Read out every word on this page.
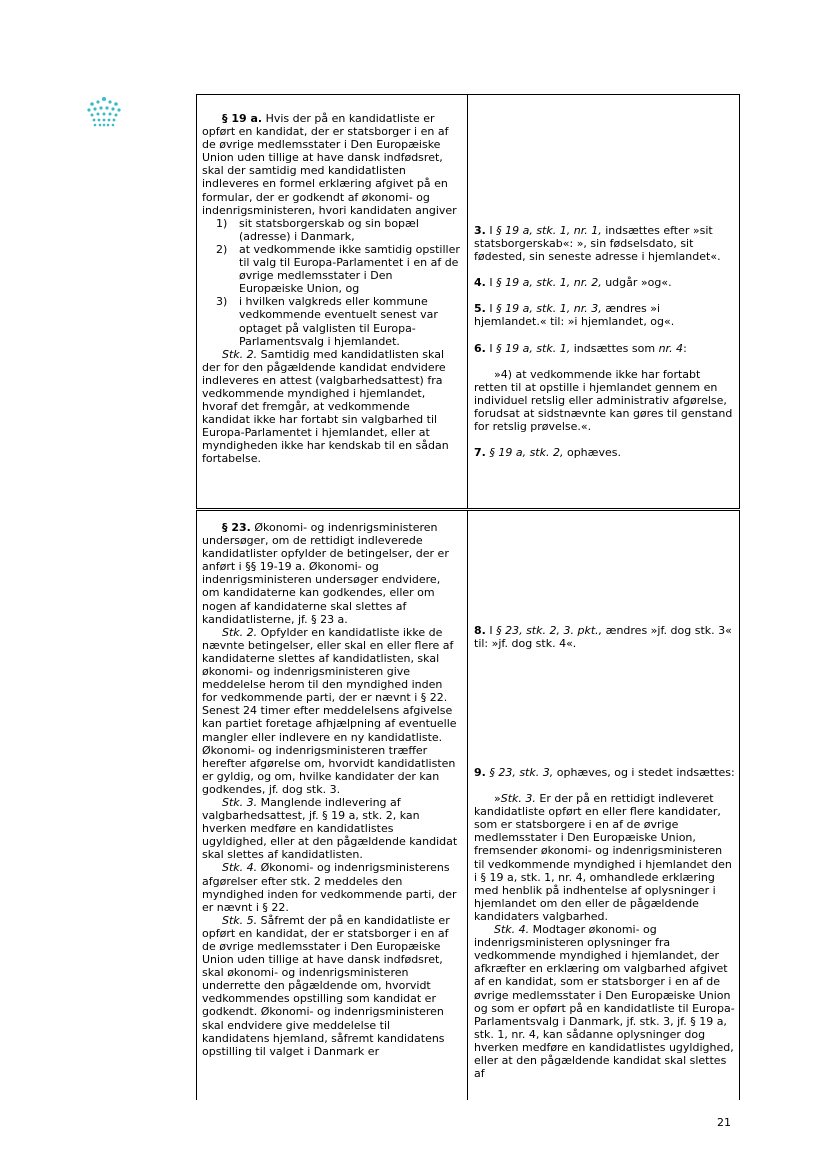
§ 19 a. Hvis der på en kandidatliste er opført en kandidat, der er statsborger i en af de øvrige medlemsstater i Den Europæiske Union uden tillige at have dansk indfødsret, skal der samtidig med kandidatlisten indleveres en formel erklæring afgivet på en formular, der er godkendt af økonomi- og indenrigsministeren, hvori kandidaten angiver

1) sit statsborgerskab og sin bopæl (adresse) i Danmark,
2) at vedkommende ikke samtidig opstiller til valg til Europa-Parlamentet i en af de øvrige medlemsstater i Den Europæiske Union, og
3) i hvilken valgkreds eller kommune vedkommende eventuelt senest var optaget på valglisten til Europa-Parlamentsvalg i hjemlandet.

Stk. 2. Samtidig med kandidatlisten skal der for den pågældende kandidat endvidere indleveres en attest (valgbarhedsattest) fra vedkommende myndighed i hjemlandet, hvoraf det fremgår, at vedkommende kandidat ikke har fortabt sin valgbarhed til Europa-Parlamentet i hjemlandet, eller at myndigheden ikke har kendskab til en sådan fortabelse.

3. I § 19 a, stk. 1, nr. 1, indsættes efter »sit statsborgerskab«: », sin fødselsdato, sit fødested, sin seneste adresse i hjemlandet«.

4. I § 19 a, stk. 1, nr. 2, udgår »og«.

5. I § 19 a, stk. 1, nr. 3, ændres »i hjemlandet.« til: »i hjemlandet, og«.

6. I § 19 a, stk. 1, indsættes som nr. 4:

»4) at vedkommende ikke har fortabt retten til at opstille i hjemlandet gennem en individuel retslig eller administrativ afgørelse, forudsat at sidstnævnte kan gøres til genstand for retslig prøvelse.«.

7. § 19 a, stk. 2, ophæves.

§ 23. Økonomi- og indenrigsministeren undersøger, om de rettidigt indleverede kandidatlister opfylder de betingelser, der er anført i §§ 19-19 a. Økonomi- og indenrigsministeren undersøger endvidere, om kandidaterne kan godkendes, eller om nogen af kandidaterne skal slettes af kandidatlisterne, jf. § 23 a.

Stk. 2. Opfylder en kandidatliste ikke de nævnte betingelser, eller skal en eller flere af kandidaterne slettes af kandidatlisten, skal økonomi- og indenrigsministeren give meddelelse herom til den myndighed inden for vedkommende parti, der er nævnt i § 22. Senest 24 timer efter meddelelsens afgivelse kan partiet foretage afhjælpning af eventuelle mangler eller indlevere en ny kandidatliste. Økonomi- og indenrigsministeren træffer herefter afgørelse om, hvorvidt kandidatlisten er gyldig, og om, hvilke kandidater der kan godkendes, jf. dog stk. 3.

Stk. 3. Manglende indlevering af valgbarhedsattest, jf. § 19 a, stk. 2, kan hverken medføre en kandidatlistes ugyldighed, eller at den pågældende kandidat skal slettes af kandidatlisten.

Stk. 4. Økonomi- og indenrigsministerens afgørelser efter stk. 2 meddeles den myndighed inden for vedkommende parti, der er nævnt i § 22.

Stk. 5. Såfremt der på en kandidatliste er opført en kandidat, der er statsborger i en af de øvrige medlemsstater i Den Europæiske Union uden tillige at have dansk indfødsret, skal økonomi- og indenrigsministeren underrette den pågældende om, hvorvidt vedkommendes opstilling som kandidat er godkendt. Økonomi- og indenrigsministeren skal endvidere give meddelelse til kandidatens hjemland, såfremt kandidatens opstilling til valget i Danmark er

8. I § 23, stk. 2, 3. pkt., ændres »jf. dog stk. 3« til: »jf. dog stk. 4«.

9. § 23, stk. 3, ophæves, og i stedet indsættes:

»Stk. 3. Er der på en rettidigt indleveret kandidatliste opført en eller flere kandidater, som er statsborgere i en af de øvrige medlemsstater i Den Europæiske Union, fremsender økonomi- og indenrigsministeren til vedkommende myndighed i hjemlandet den i § 19 a, stk. 1, nr. 4, omhandlede erklæring med henblik på indhentelse af oplysninger i hjemlandet om den eller de pågældende kandidaters valgbarhed.

Stk. 4. Modtager økonomi- og indenrigsministeren oplysninger fra vedkommende myndighed i hjemlandet, der afkræfter en erklæring om valgbarhed afgivet af en kandidat, som er statsborger i en af de øvrige medlemsstater i Den Europæiske Union og som er opført på en kandidatliste til Europa-Parlamentsvalg i Danmark, jf. stk. 3, jf. § 19 a, stk. 1, nr. 4, kan sådanne oplysninger dog hverken medføre en kandidatlistes ugyldighed, eller at den pågældende kandidat skal slettes af

21
